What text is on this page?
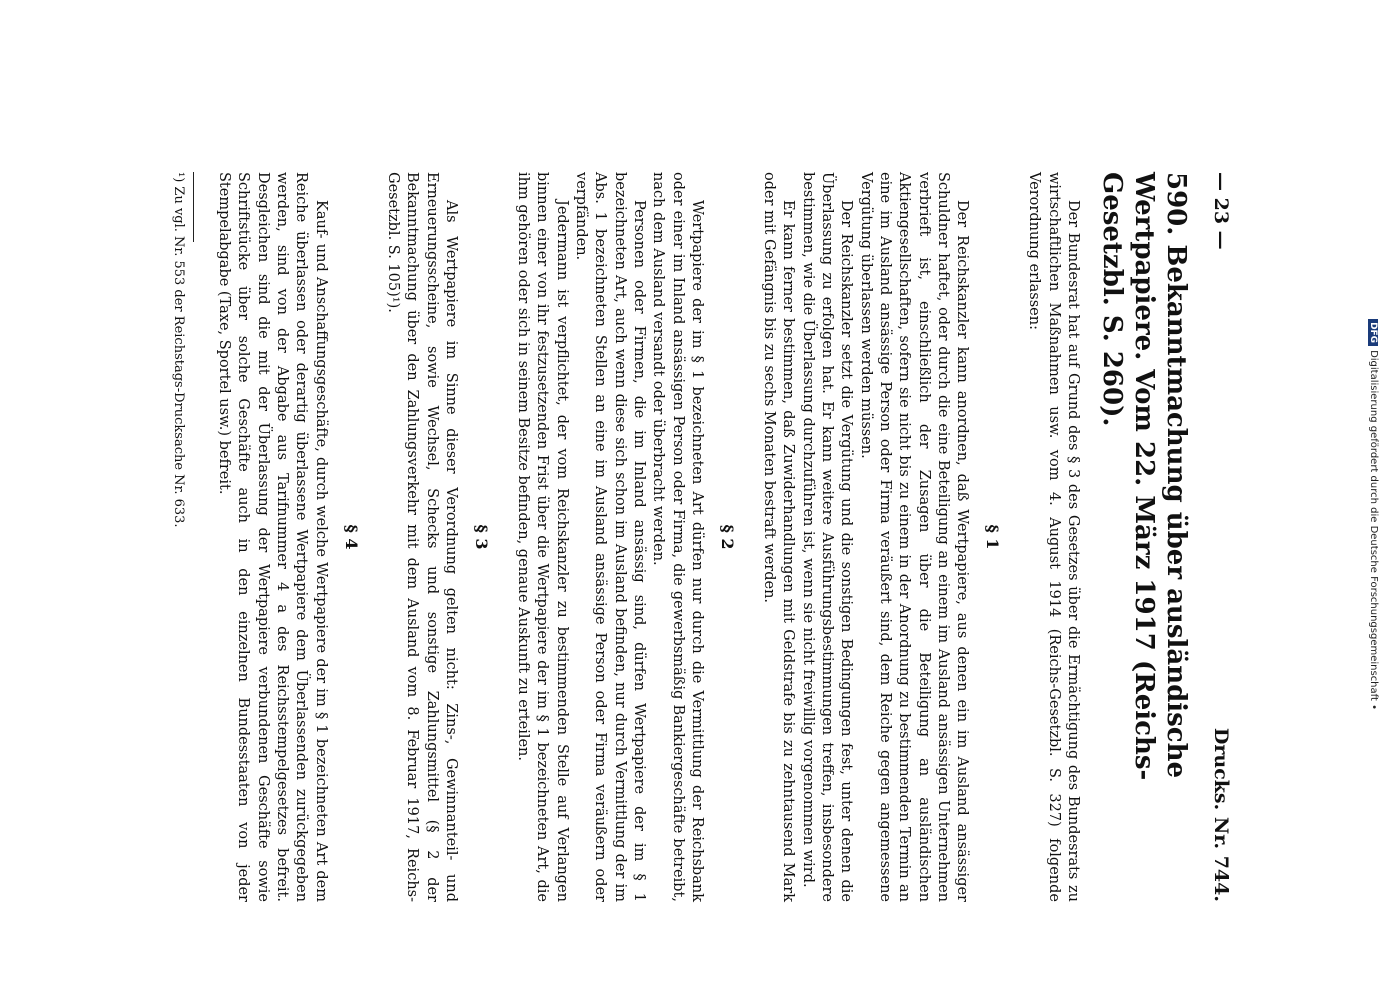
— 23 —
Drucks. Nr. 744.
590. Bekanntmachung über ausländische Wertpapiere. Vom 22. März 1917 (Reichs-Gesetzbl. S. 260).

Der Bundesrat hat auf Grund des § 3 des Gesetzes über die Ermächtigung des Bundesrats zu wirtschaftlichen Maßnahmen usw. vom 4. August 1914 (Reichs-Gesetzbl. S. 327) folgende Verordnung erlassen:

§ 1

Der Reichskanzler kann anordnen, daß Wertpapiere, aus denen ein im Ausland ansässiger Schuldner haftet, oder durch die eine Beteiligung an einem im Ausland ansässigen Unternehmen verbrieft ist, einschließlich der Zusagen über die Beteiligung an ausländischen Aktiengesellschaften, sofern sie nicht bis zu einem in der Anordnung zu bestimmenden Termin an eine im Ausland ansässige Person oder Firma veräußert sind, dem Reiche gegen angemessene Vergütung überlassen werden müssen.

Der Reichskanzler setzt die Vergütung und die sonstigen Bedingungen fest, unter denen die Überlassung zu erfolgen hat. Er kann weitere Ausführungsbestimmungen treffen, insbesondere bestimmen, wie die Überlassung durchzuführen ist, wenn sie nicht freiwillig vorgenommen wird.

Er kann ferner bestimmen, daß Zuwiderhandlungen mit Geldstrafe bis zu zehntausend Mark oder mit Gefängnis bis zu sechs Monaten bestraft werden.

§ 2

Wertpapiere der im § 1 bezeichneten Art dürfen nur durch die Vermittlung der Reichsbank oder einer im Inland ansässigen Person oder Firma, die gewerbsmäßig Bankiergeschäfte betreibt, nach dem Ausland versandt oder überbracht werden.

Personen oder Firmen, die im Inland ansässig sind, dürfen Wertpapiere der im § 1 bezeichneten Art, auch wenn diese sich schon im Ausland befinden, nur durch Vermittlung der im Abs. 1 bezeichneten Stellen an eine im Ausland ansässige Person oder Firma veräußern oder verpfänden.

Jedermann ist verpflichtet, der vom Reichskanzler zu bestimmenden Stelle auf Verlangen binnen einer von ihr festzusetzenden Frist über die Wertpapiere der im § 1 bezeichneten Art, die ihm gehören oder sich in seinem Besitze befinden, genaue Auskunft zu erteilen.

§ 3

Als Wertpapiere im Sinne dieser Verordnung gelten nicht: Zins-, Gewinnanteil- und Erneuerungsscheine, sowie Wechsel, Schecks und sonstige Zahlungsmittel (§ 2 der Bekanntmachung über den Zahlungsverkehr mit dem Ausland vom 8. Februar 1917, Reichs-Gesetzbl. S. 105)¹).

§ 4

Kauf- und Anschaffungsgeschäfte, durch welche Wertpapiere der im § 1 bezeichneten Art dem Reiche überlassen oder derartig überlassene Wertpapiere dem Überlassenden zurückgegeben werden, sind von der Abgabe aus Tarifnummer 4 a des Reichsstempelgesetzes befreit. Desgleichen sind die mit der Überlassung der Wertpapiere verbundenen Geschäfte sowie Schriftstücke über solche Geschäfte auch in den einzelnen Bundesstaaten von jeder Stempelabgabe (Taxe, Sportel usw.) befreit.

¹) Zu vgl. Nr. 553 der Reichstags-Drucksache Nr. 633.
Digitalisierung gefördert durch die Deutsche Forschungsgemeinschaft •
DFG
